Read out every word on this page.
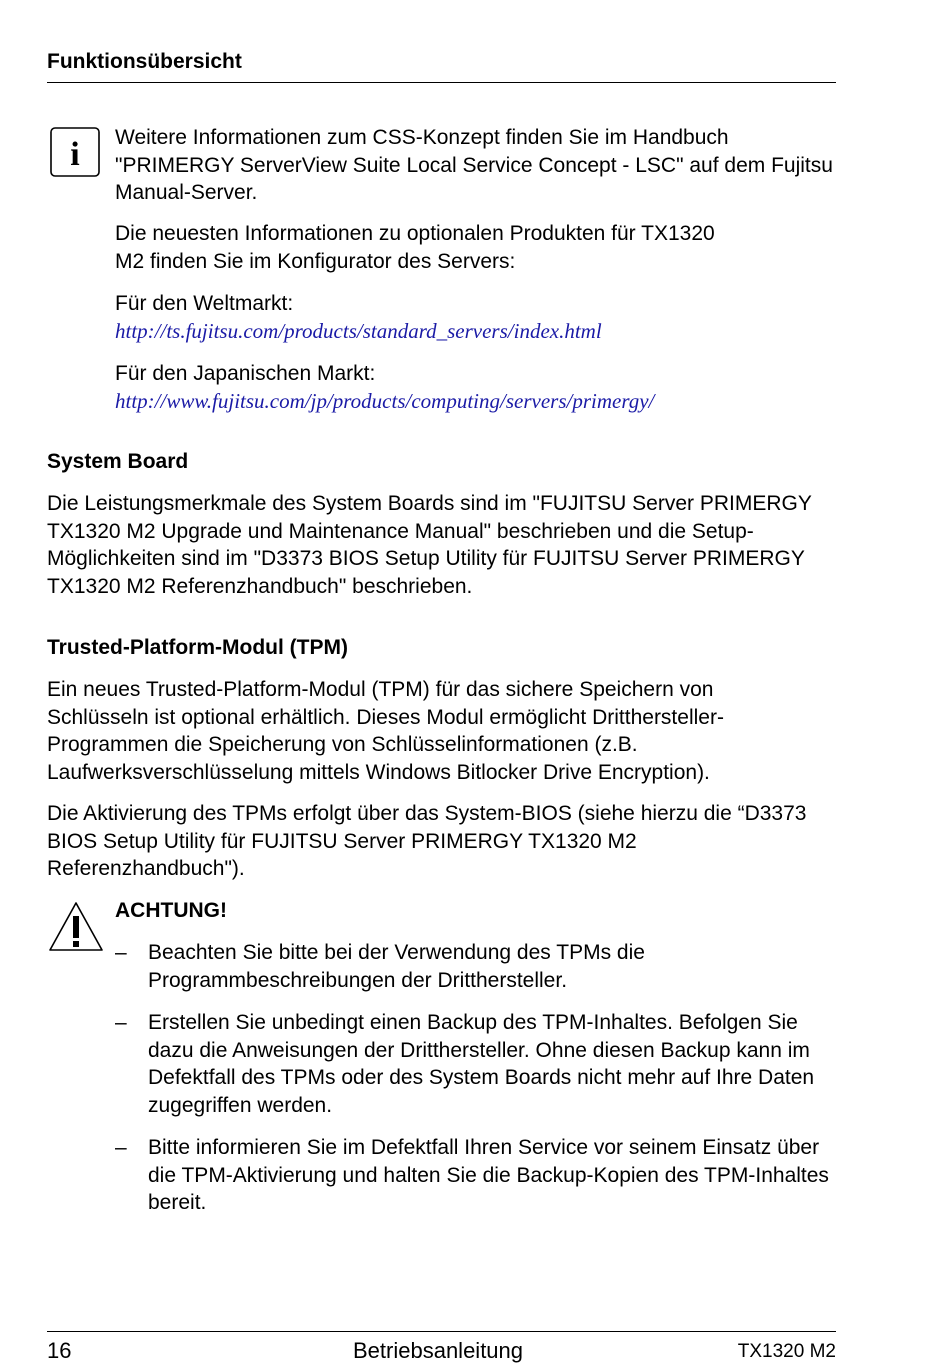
Funktionsübersicht
i Weitere Informationen zum CSS-Konzept finden Sie im Handbuch "PRIMERGY ServerView Suite Local Service Concept - LSC" auf dem Fujitsu Manual-Server.

Die neuesten Informationen zu optionalen Produkten für TX1320 M2 finden Sie im Konfigurator des Servers:

Für den Weltmarkt:

http://ts.fujitsu.com/products/standard_servers/index.html

Für den Japanischen Markt:

http://www.fujitsu.com/jp/products/computing/servers/primergy/

System Board

Die Leistungsmerkmale des System Boards sind im "FUJITSU Server PRIMERGY TX1320 M2 Upgrade und Maintenance Manual" beschrieben und die Setup-Möglichkeiten sind im "D3373 BIOS Setup Utility für FUJITSU Server PRIMERGY TX1320 M2 Referenzhandbuch" beschrieben.

Trusted-Platform-Modul (TPM)

Ein neues Trusted-Platform-Modul (TPM) für das sichere Speichern von Schlüsseln ist optional erhältlich. Dieses Modul ermöglicht Dritthersteller-Programmen die Speicherung von Schlüsselinformationen (z.B. Laufwerksverschlüsselung mittels Windows Bitlocker Drive Encryption).

Die Aktivierung des TPMs erfolgt über das System-BIOS (siehe hierzu die “D3373 BIOS Setup Utility für FUJITSU Server PRIMERGY TX1320 M2 Referenzhandbuch").

ACHTUNG!

– Beachten Sie bitte bei der Verwendung des TPMs die Programmbeschreibungen der Dritthersteller.

– Erstellen Sie unbedingt einen Backup des TPM-Inhaltes. Befolgen Sie dazu die Anweisungen der Dritthersteller. Ohne diesen Backup kann im Defektfall des TPMs oder des System Boards nicht mehr auf Ihre Daten zugegriffen werden.

– Bitte informieren Sie im Defektfall Ihren Service vor seinem Einsatz über die TPM-Aktivierung und halten Sie die Backup-Kopien des TPM-Inhaltes bereit.

16	Betriebsanleitung	TX1320 M2
